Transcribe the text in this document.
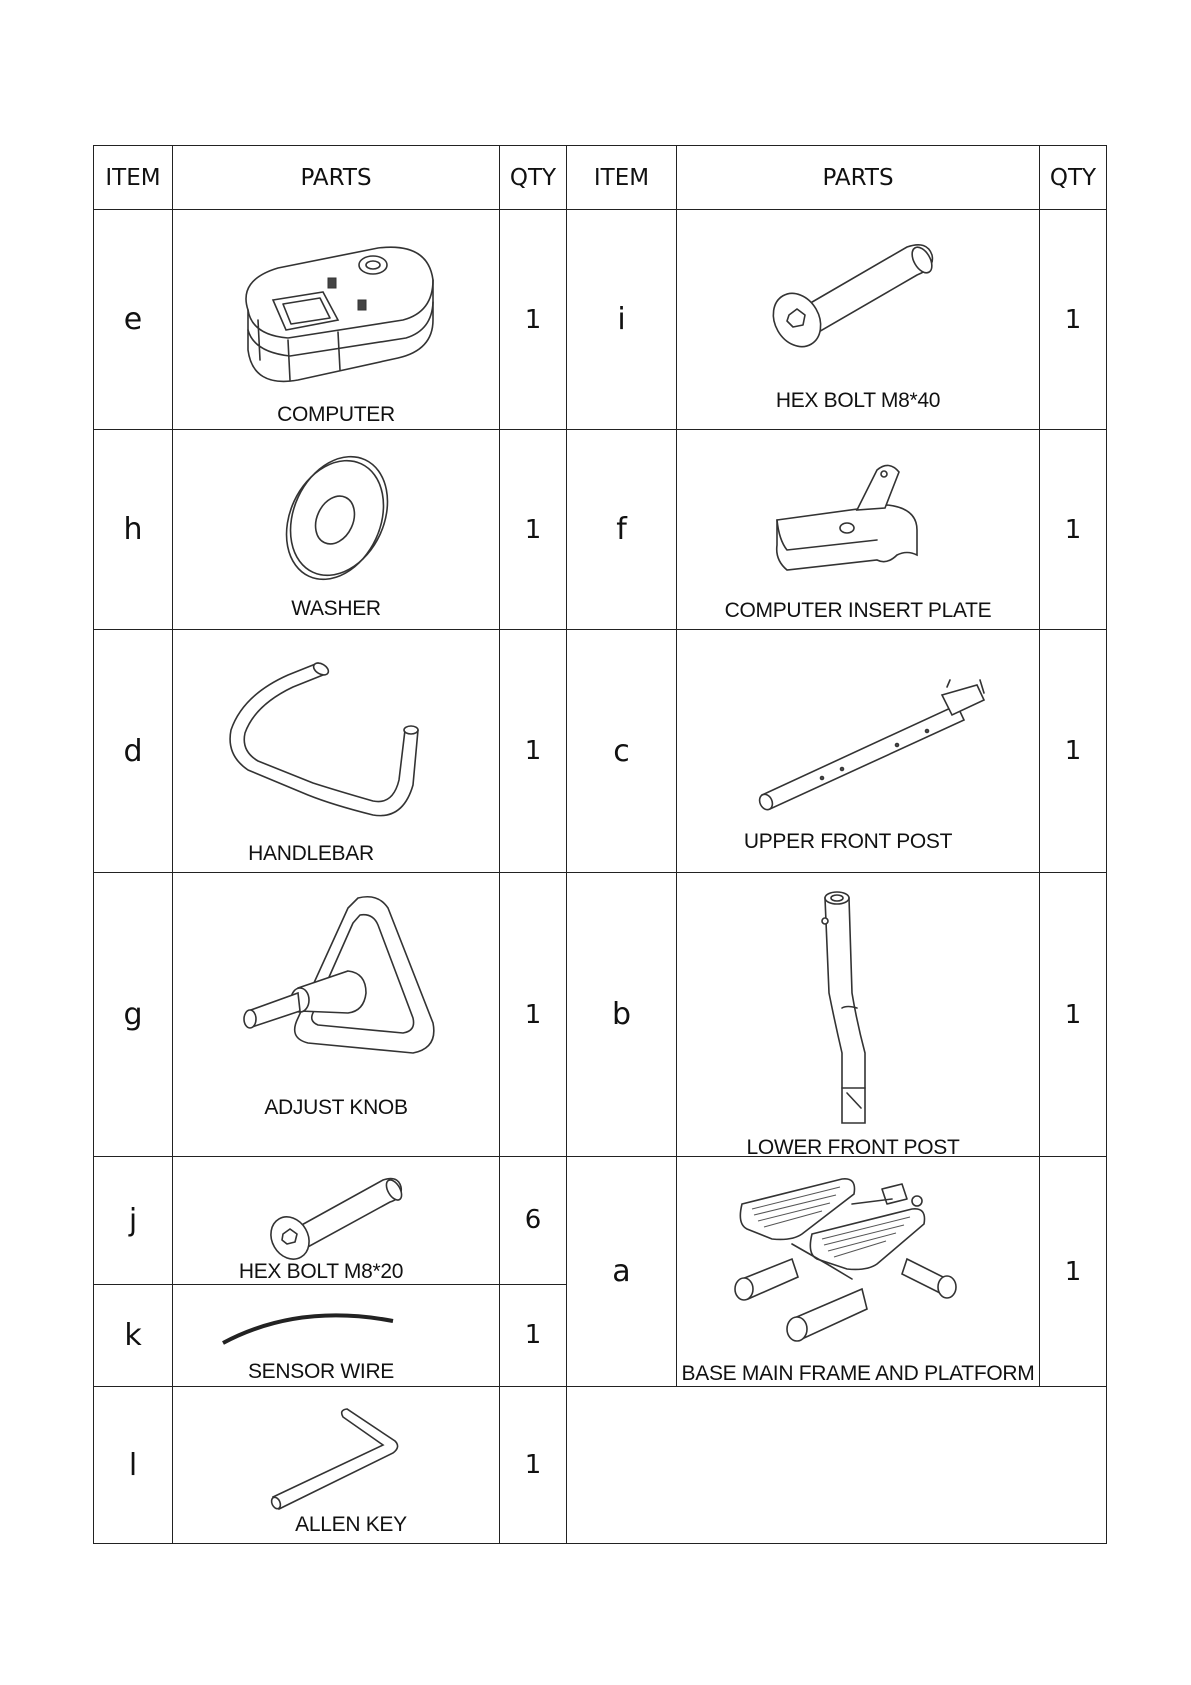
ITEM	PARTS	QTY	ITEM	PARTS	QTY
e	COMPUTER	1	i	HEX BOLT M8*40	1
h	WASHER	1	f	COMPUTER INSERT PLATE	1
d	HANDLEBAR	1	c	UPPER FRONT POST	1
g	ADJUST KNOB	1	b	LOWER FRONT POST	1
j	HEX BOLT M8*20	6	a	BASE MAIN FRAME AND PLATFORM	1
k	SENSOR WIRE	1			
l	ALLEN KEY	1			
